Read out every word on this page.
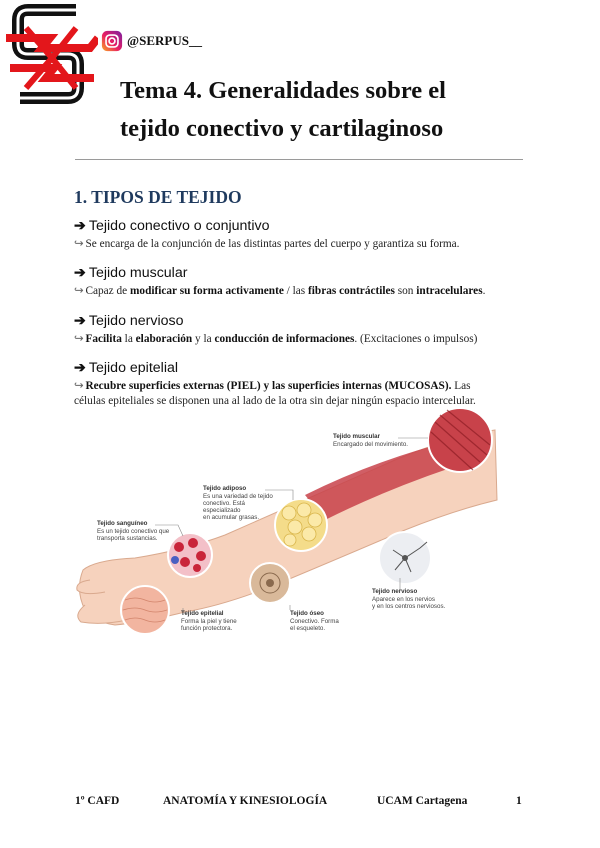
@SERPUS__
Tema 4. Generalidades sobre el
tejido conectivo y cartilaginoso
1. TIPOS DE TEJIDO
➔ Tejido conectivo o conjuntivo
↪ Se encarga de la conjunción de las distintas partes del cuerpo y garantiza su forma.
➔ Tejido muscular
↪ Capaz de modificar su forma activamente / las fibras contráctiles son intracelulares.
➔ Tejido nervioso
↪ Facilita la elaboración y la conducción de informaciones. (Excitaciones o impulsos)
➔ Tejido epitelial
↪ Recubre superficies externas (PIEL) y las superficies internas (MUCOSAS). Las
células epiteliales se disponen una al lado de la otra sin dejar ningún espacio intercelular.
Tejido muscular
Encargado del movimiento.
Tejido adiposo
Es una variedad de tejido
conectivo. Está
especializado
en acumular grasas.
Tejido sanguíneo
Es un tejido conectivo que
transporta sustancias.
Tejido epitelial
Forma la piel y tiene
función protectora.
Tejido óseo
Conectivo. Forma
el esqueleto.
Tejido nervioso
Aparece en los nervios
y en los centros nerviosos.
1º CAFD	ANATOMÍA Y KINESIOLOGÍA	UCAM Cartagena	1
